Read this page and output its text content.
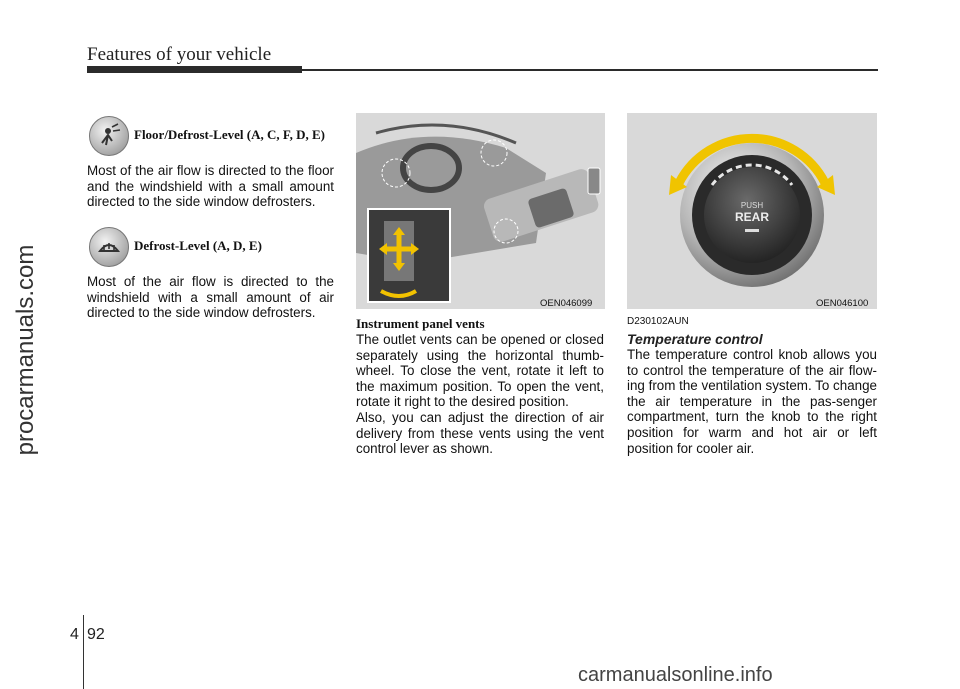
Features of your vehicle
procarmanuals.com
Floor/Defrost-Level (A, C, F, D, E)
Most of the air flow is directed to the floor and the windshield with a small amount directed to the side window defrosters.
Defrost-Level (A, D, E)
Most of the air flow is directed to the windshield with a small amount of air directed to the side window defrosters.
OEN046099
Instrument panel vents
The outlet vents can be opened or closed separately using the horizontal thumb-wheel. To close the vent, rotate it left to the maximum position. To open the vent, rotate it right to the desired position.
Also, you can adjust the direction of air delivery from these vents using the vent control lever as shown.
PUSH
REAR
OEN046100
D230102AUN
Temperature control
The temperature control knob allows you to control the temperature of the air flow-ing from the ventilation system. To change the air temperature in the pas-senger compartment, turn the knob to the right position for warm and hot air or left position for cooler air.
4 92
carmanualsonline.info
